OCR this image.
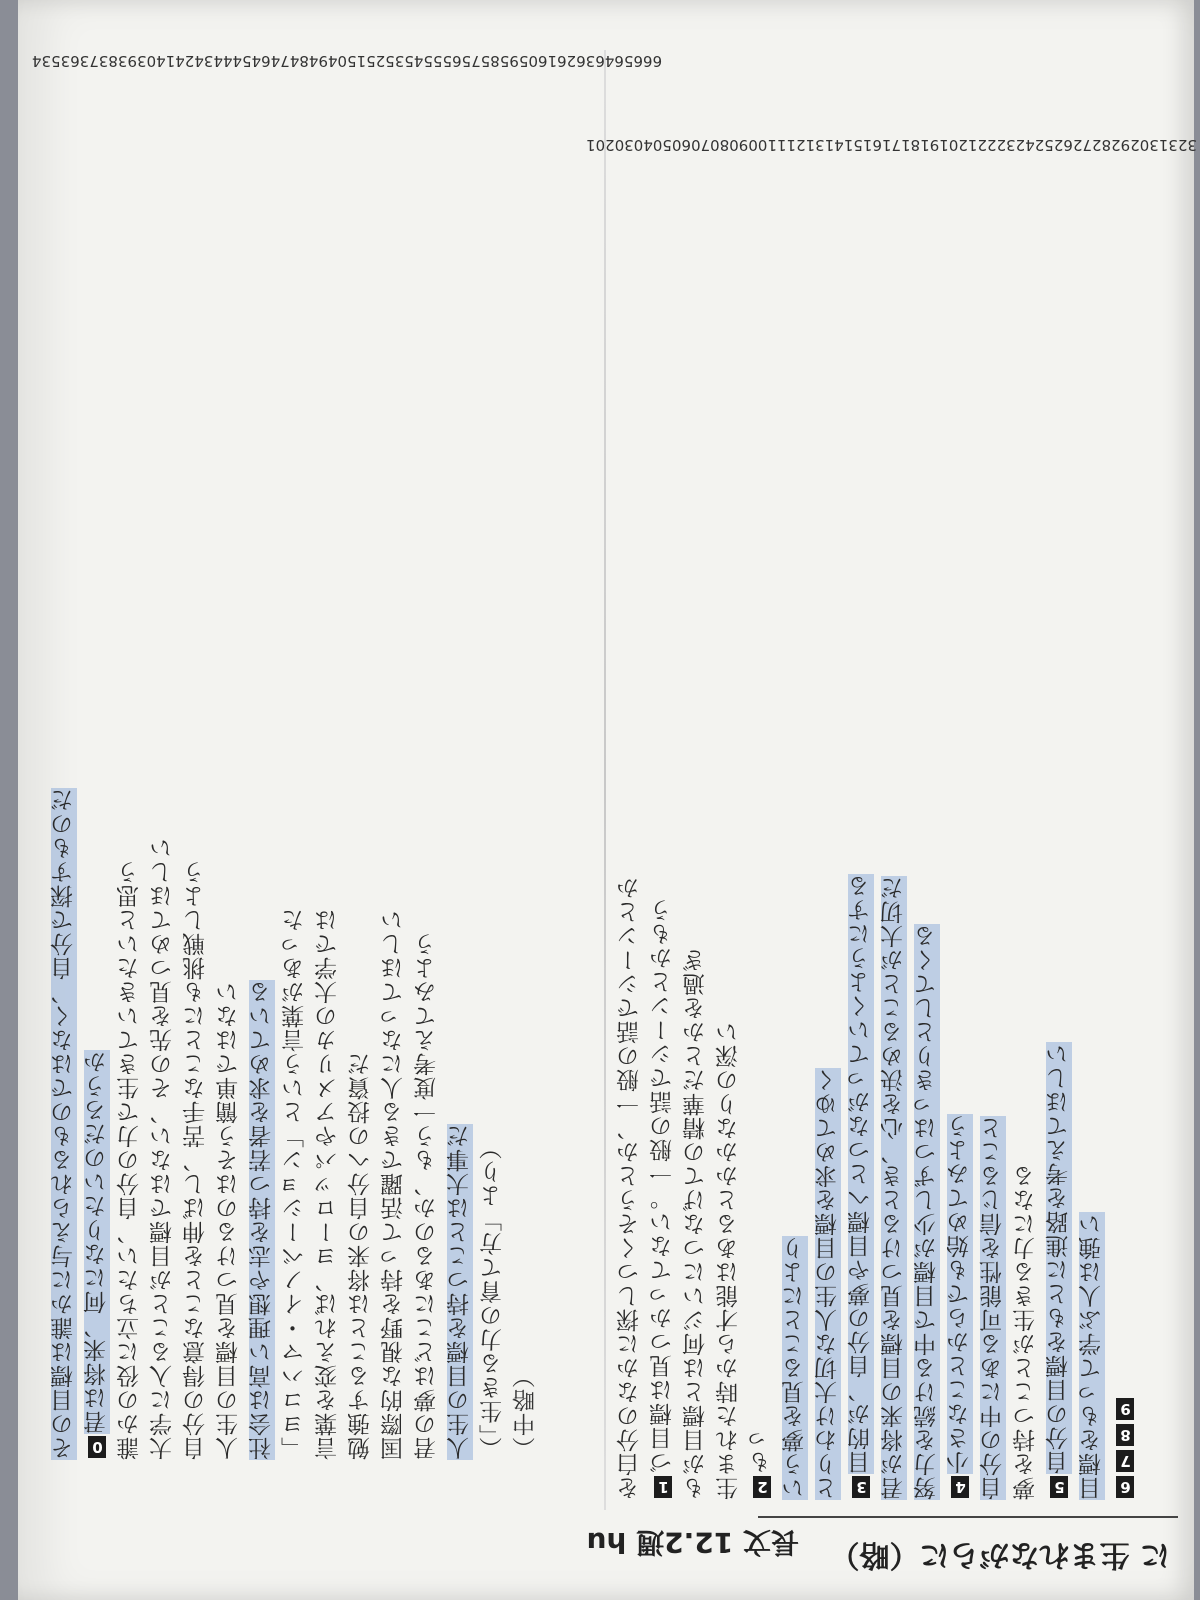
に 生まれながらに（略）
長文 12.2週 hu

を白分のなかに探しつくそうとか、一般の話でシーンとか 1づ目標は見つかってない。一般の話でシーンとかもう もが目標とは何ジいにつなげての精華だとかを過ぎ 生まれた時から才能はあるとかかなりの深い 2もっ いう夢を見ることにより とりわけ大切な人生の目標を求めてゆく 3目的が、自分の夢や目標へとつながっていくようにする 君が将来の目標を見つけるとき、心を決めることが大切だ 努力を続ける中で目標が少しずつはっきりとしてくる 4小さなことからでも始めてみよう 自分の中にある可能性を信じること 夢を持つことが生きる力になる 5自分の目標をもとに進路を考えてほしい 目標をもって学ぶ人は強い 6789

その目標は誰かに与えられるものではなく、自分で探すものだ 0君は将来、何になりたいのだろうか 誰かの役に立ちたい、自分の力で生きていきたいと思う 大学に入ることが目標ではない、その先を見つめてほしい 自分の得意なことを伸ばし、苦手なことにも挑戦しよう 人生の目標を見つけるのはそう簡単ではない 社会は高い理想や志を持つ若者を求めている 「ヨコハマ・イノベーション」という言葉があった 言葉を変えれば、ヨーロッパやアメリカの大学では 勉強することは将来の自分への投資だ 国際的な視野を持って活躍できる人になってほしい 君の夢はどこにあるのか、もう一度考えてみよう 人生の目標を持つことは大事だ （「生きる力の育て方」より） （中略）

01 02 03 04 05 06 07 08 09 10 11 12 13 14 15 16 17 18 19 20 21 22 23 24 25 26 27 28 29 30 31 32
34 35 36 37 38 39 40 41 42 43 44 45 46 47 48 49 50 51 52 53 54 55 56 57 58 59 60 61 62 63 64 65 66
